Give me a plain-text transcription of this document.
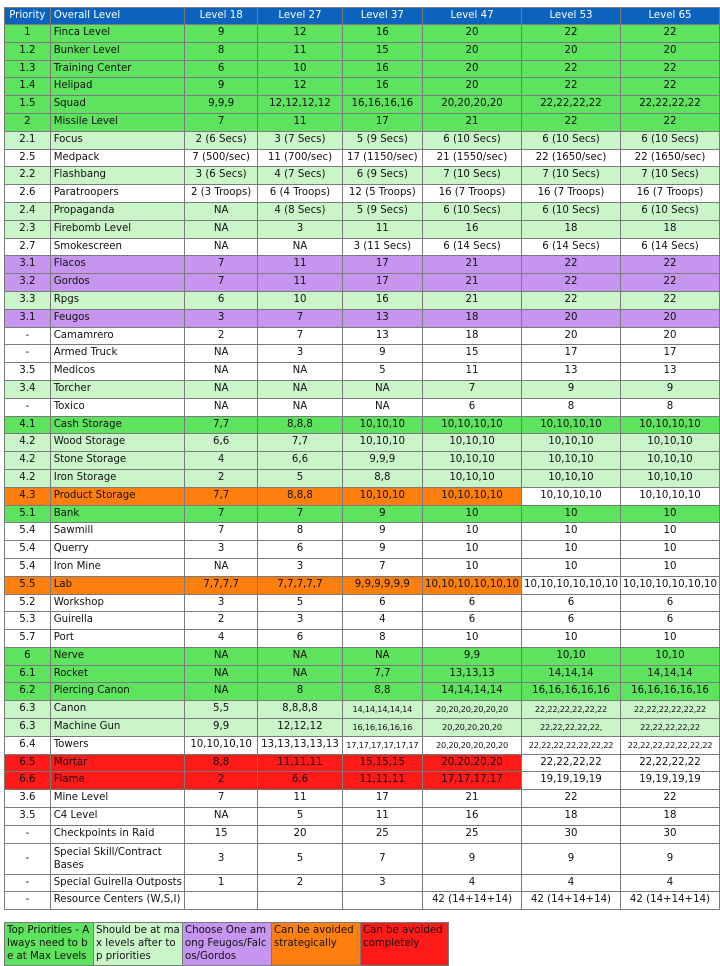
Priority	Overall Level	Level 18	Level 27	Level 37	Level 47	Level 53	Level 65
1	Finca Level	9	12	16	20	22	22
1.2	Bunker Level	8	11	15	20	20	20
1.3	Training Center	6	10	16	20	22	22
1.4	Helipad	9	12	16	20	22	22
1.5	Squad	9,9,9	12,12,12,12	16,16,16,16	20,20,20,20	22,22,22,22	22,22,22,22
2	Missile Level	7	11	17	21	22	22
2.1	Focus	2 (6 Secs)	3 (7 Secs)	5 (9 Secs)	6 (10 Secs)	6 (10 Secs)	6 (10 Secs)
2.5	Medpack	7 (500/sec)	11 (700/sec)	17 (1150/sec)	21 (1550/sec)	22 (1650/sec)	22 (1650/sec)
2.2	Flashbang	3 (6 Secs)	4 (7 Secs)	6 (9 Secs)	7 (10 Secs)	7 (10 Secs)	7 (10 Secs)
2.6	Paratroopers	2 (3 Troops)	6 (4 Troops)	12 (5 Troops)	16 (7 Troops)	16 (7 Troops)	16 (7 Troops)
2.4	Propaganda	NA	4 (8 Secs)	5 (9 Secs)	6 (10 Secs)	6 (10 Secs)	6 (10 Secs)
2.3	Firebomb Level	NA	3	11	16	18	18
2.7	Smokescreen	NA	NA	3 (11 Secs)	6 (14 Secs)	6 (14 Secs)	6 (14 Secs)
3.1	Flacos	7	11	17	21	22	22
3.2	Gordos	7	11	17	21	22	22
3.3	Rpgs	6	10	16	21	22	22
3.1	Feugos	3	7	13	18	20	20
-	Camamrero	2	7	13	18	20	20
-	Armed Truck	NA	3	9	15	17	17
3.5	Medicos	NA	NA	5	11	13	13
3.4	Torcher	NA	NA	NA	7	9	9
-	Toxico	NA	NA	NA	6	8	8
4.1	Cash Storage	7,7	8,8,8	10,10,10	10,10,10,10	10,10,10,10	10,10,10,10
4.2	Wood Storage	6,6	7,7	10,10,10	10,10,10	10,10,10	10,10,10
4.2	Stone Storage	4	6,6	9,9,9	10,10,10	10,10,10	10,10,10
4.2	Iron Storage	2	5	8,8	10,10,10	10,10,10	10,10,10
4.3	Product Storage	7,7	8,8,8	10,10,10	10,10,10,10	10,10,10,10	10,10,10,10
5.1	Bank	7	7	9	10	10	10
5.4	Sawmill	7	8	9	10	10	10
5.4	Querry	3	6	9	10	10	10
5.4	Iron Mine	NA	3	7	10	10	10
5.5	Lab	7,7,7,7	7,7,7,7,7	9,9,9,9,9,9	10,10,10,10,10,10	10,10,10,10,10,10	10,10,10,10,10,10
5.2	Workshop	3	5	6	6	6	6
5.3	Guirella	2	3	4	6	6	6
5.7	Port	4	6	8	10	10	10
6	Nerve	NA	NA	NA	9,9	10,10	10,10
6.1	Rocket	NA	NA	7,7	13,13,13	14,14,14	14,14,14
6.2	Piercing Canon	NA	8	8,8	14,14,14,14	16,16,16,16,16	16,16,16,16,16
6.3	Canon	5,5	8,8,8,8	14,14,14,14,14	20,20,20,20,20,20	22,22,22,22,22,22	22,22,22,22,22,22
6.3	Machine Gun	9,9	12,12,12	16,16,16,16,16	20,20,20,20,20	22,22,22,22,22,	22,22,22,22,22
6.4	Towers	10,10,10,10	13,13,13,13,13	17,17,17,17,17,17	20,20,20,20,20,20	22,22,22,22,22,22,22	22,22,22,22,22,22,22
6.5	Mortar	8,8	11,11,11	15,15,15	20,20,20,20	22,22,22,22	22,22,22,22
6.6	Flame	2	6,6	11,11,11	17,17,17,17	19,19,19,19	19,19,19,19
3.6	Mine Level	7	11	17	21	22	22
3.5	C4 Level	NA	5	11	16	18	18
-	Checkpoints in Raid	15	20	25	25	30	30
-	Special Skill/Contract Bases	3	5	7	9	9	9
-	Special Guirella Outposts	1	2	3	4	4	4
-	Resource Centers (W,S,I)				42 (14+14+14)	42 (14+14+14)	42 (14+14+14)
Top Priorities - Always need to be at Max Levels	Should be at max levels after top priorities	Choose One among Feugos/Falcos/Gordos	Can be avoided strategically	Can be avoided completely
